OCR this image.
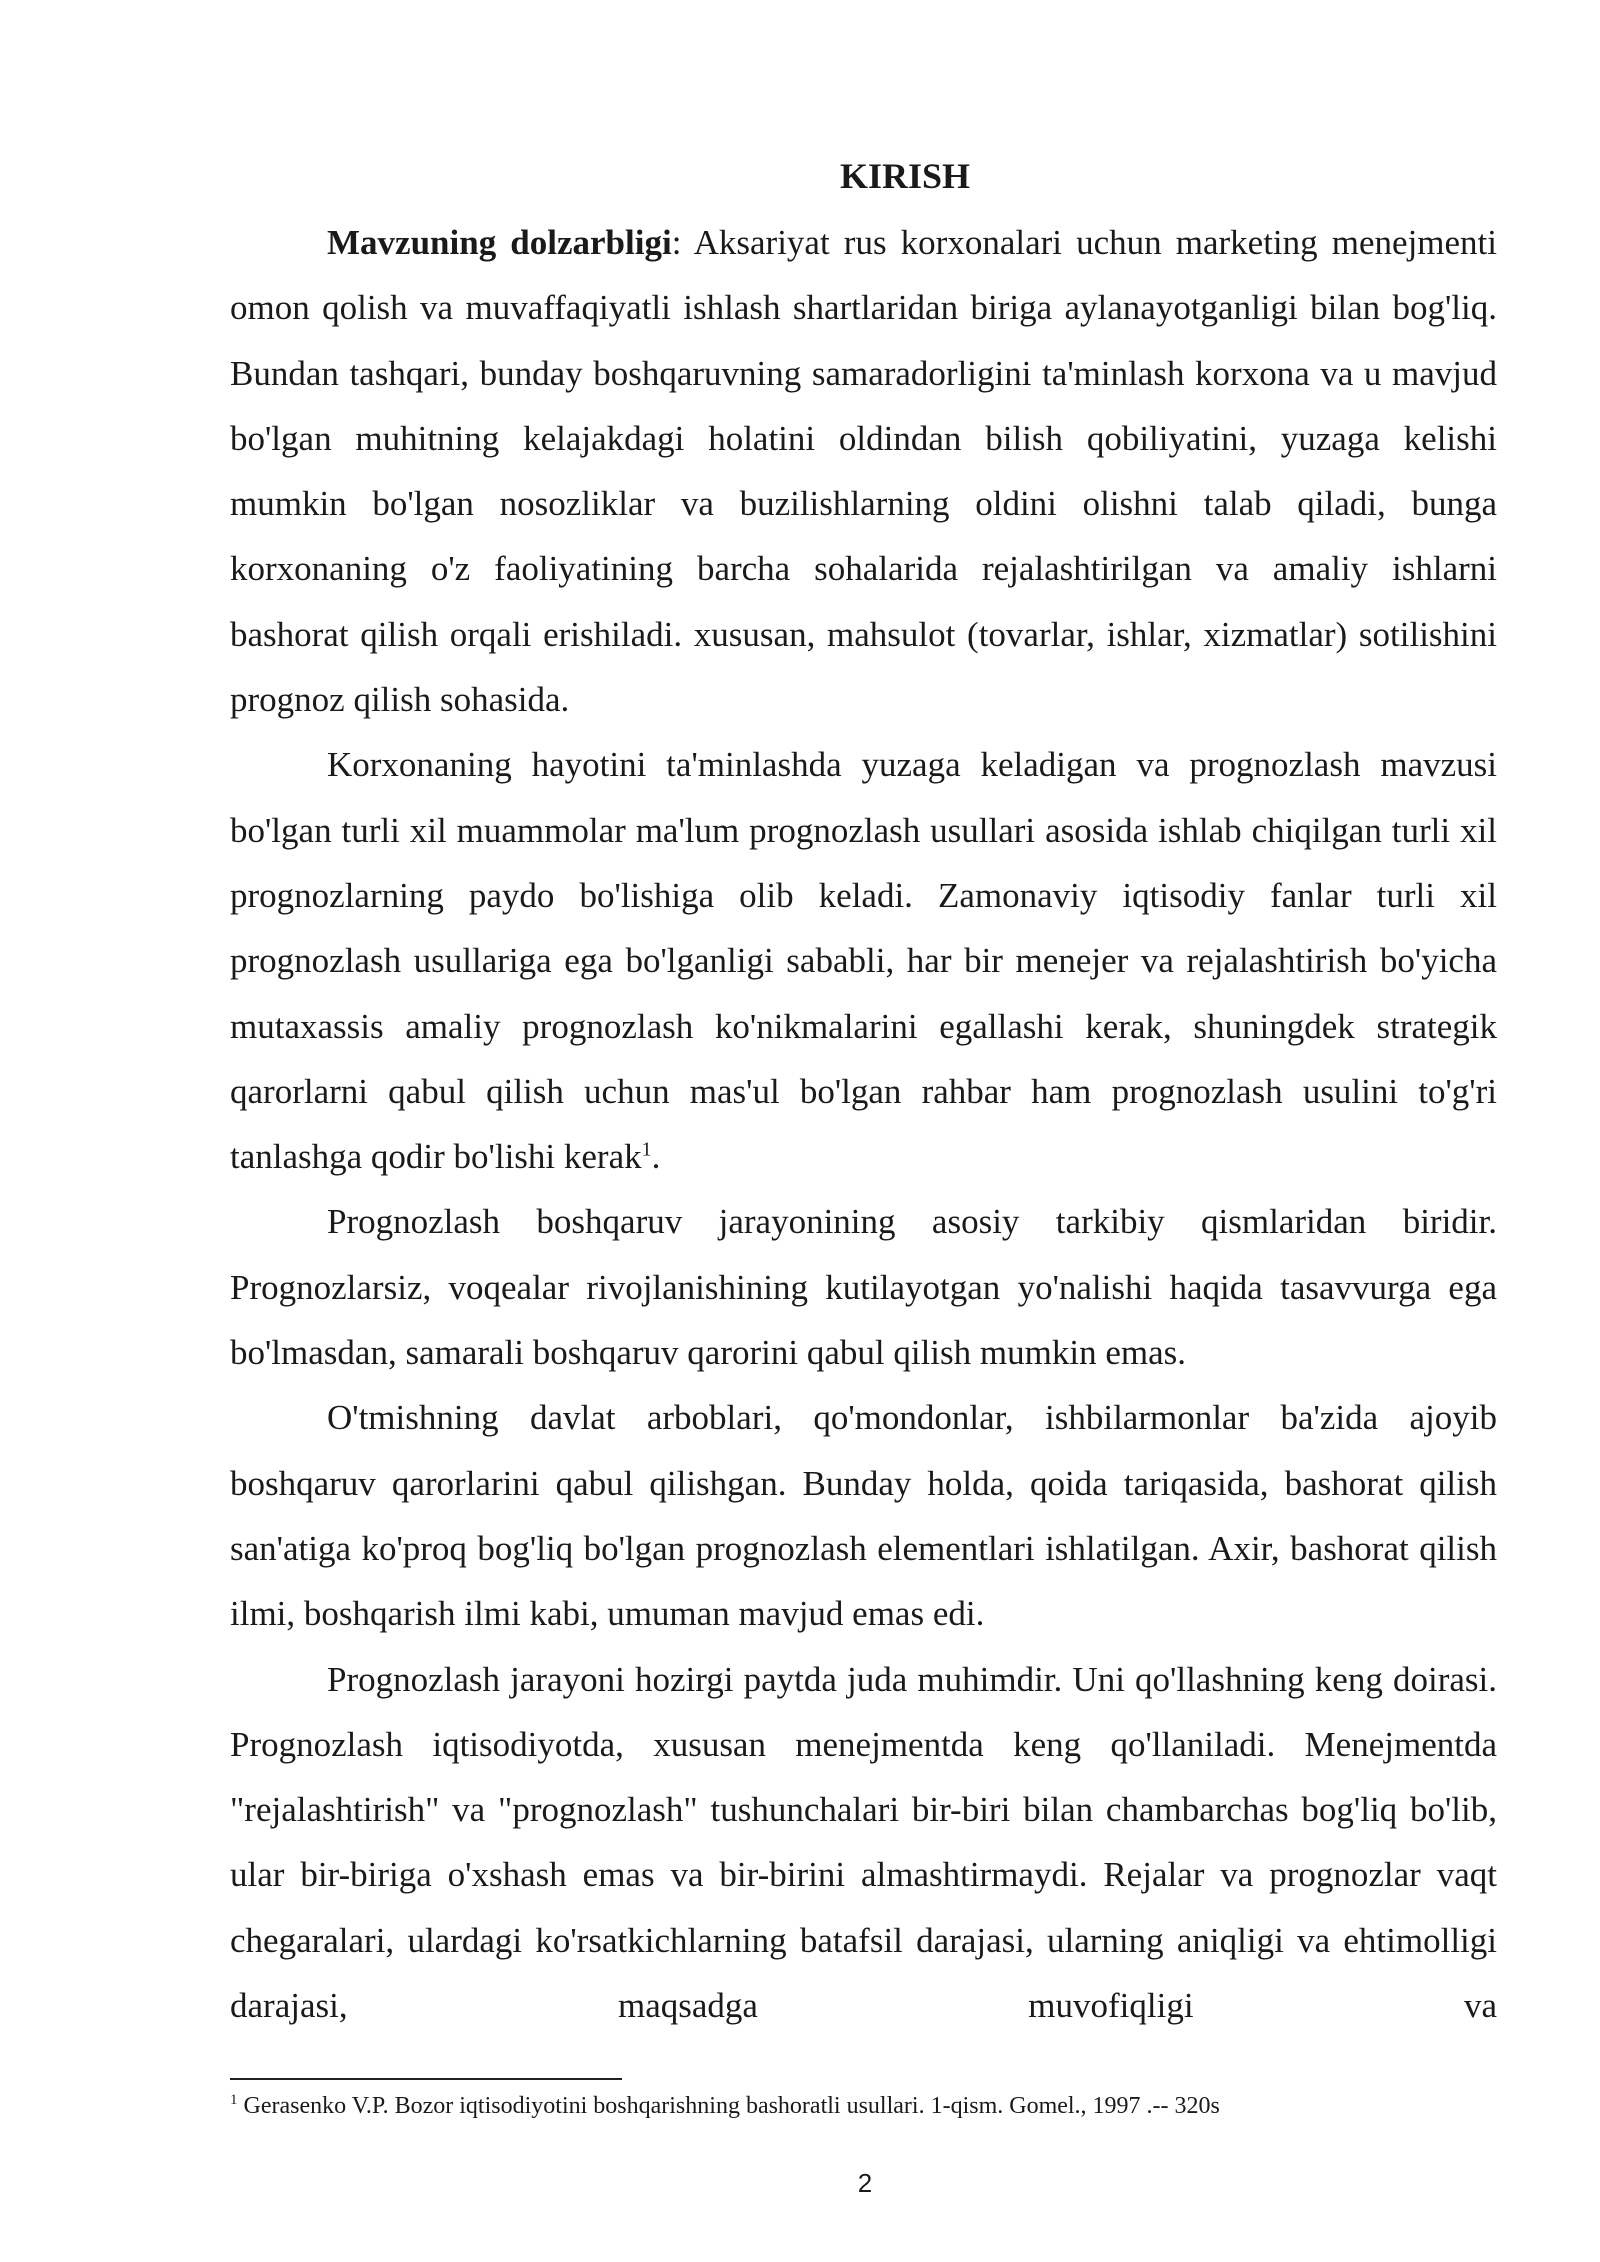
KIRISH

Mavzuning dolzarbligi: Aksariyat rus korxonalari uchun marketing menejmenti omon qolish va muvaffaqiyatli ishlash shartlaridan biriga aylanayotganligi bilan bog'liq. Bundan tashqari, bunday boshqaruvning samaradorligini ta'minlash korxona va u mavjud bo'lgan muhitning kelajakdagi holatini oldindan bilish qobiliyatini, yuzaga kelishi mumkin bo'lgan nosozliklar va buzilishlarning oldini olishni talab qiladi, bunga korxonaning o'z faoliyatining barcha sohalarida rejalashtirilgan va amaliy ishlarni bashorat qilish orqali erishiladi. xususan, mahsulot (tovarlar, ishlar, xizmatlar) sotilishini prognoz qilish sohasida.

Korxonaning hayotini ta'minlashda yuzaga keladigan va prognozlash mavzusi bo'lgan turli xil muammolar ma'lum prognozlash usullari asosida ishlab chiqilgan turli xil prognozlarning paydo bo'lishiga olib keladi. Zamonaviy iqtisodiy fanlar turli xil prognozlash usullariga ega bo'lganligi sababli, har bir menejer va rejalashtirish bo'yicha mutaxassis amaliy prognozlash ko'nikmalarini egallashi kerak, shuningdek strategik qarorlarni qabul qilish uchun mas'ul bo'lgan rahbar ham prognozlash usulini to'g'ri tanlashga qodir bo'lishi kerak$^1$.

Prognozlash boshqaruv jarayonining asosiy tarkibiy qismlaridan biridir. Prognozlarsiz, voqealar rivojlanishining kutilayotgan yo'nalishi haqida tasavvurga ega bo'lmasdan, samarali boshqaruv qarorini qabul qilish mumkin emas.

O'tmishning davlat arboblari, qo'mondonlar, ishbilarmonlar ba'zida ajoyib boshqaruv qarorlarini qabul qilishgan. Bunday holda, qoida tariqasida, bashorat qilish san'atiga ko'proq bog'liq bo'lgan prognozlash elementlari ishlatilgan. Axir, bashorat qilish ilmi, boshqarish ilmi kabi, umuman mavjud emas edi.

Prognozlash jarayoni hozirgi paytda juda muhimdir. Uni qo'llashning keng doirasi. Prognozlash iqtisodiyotda, xususan menejmentda keng qo'llaniladi. Menejmentda "rejalashtirish" va "prognozlash" tushunchalari bir-biri bilan chambarchas bog'liq bo'lib, ular bir-biriga o'xshash emas va bir-birini almashtirmaydi. Rejalar va prognozlar vaqt chegaralari, ulardagi ko'rsatkichlarning batafsil darajasi, ularning aniqligi va ehtimolligi darajasi, maqsadga muvofiqligi va

$^1$ Gerasenko V.P. Bozor iqtisodiyotini boshqarishning bashoratli usullari. 1-qism. Gomel., 1997 .-- 320s
2
